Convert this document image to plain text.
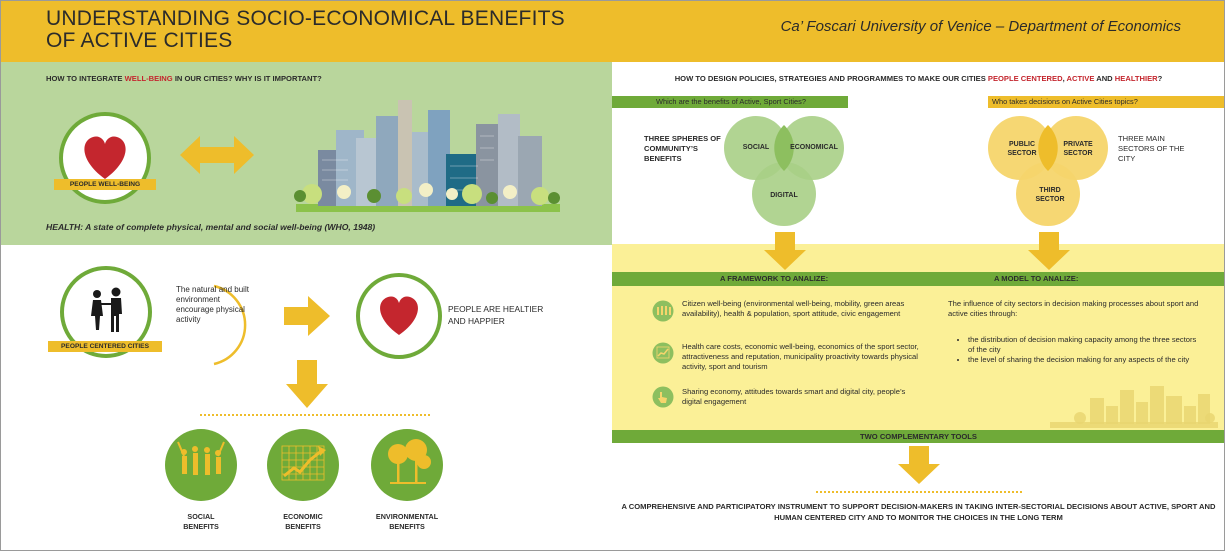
UNDERSTANDING SOCIO-ECONOMICAL BENEFITS
OF ACTIVE CITIES
Ca’ Foscari University of Venice – Department of Economics
HOW TO INTEGRATE WELL-BEING IN OUR CITIES? WHY IS IT IMPORTANT?
PEOPLE WELL-BEING
HEALTH: A state of complete physical, mental and social well-being (WHO, 1948)
PEOPLE CENTERED CITIES
The natural and built environment encourage physical activity
PEOPLE ARE HEALTIER AND HAPPIER
SOCIAL
BENEFITS
ECONOMIC
BENEFITS
ENVIRONMENTAL
BENEFITS
HOW TO DESIGN POLICIES, STRATEGIES AND PROGRAMMES TO MAKE OUR CITIES PEOPLE CENTERED, ACTIVE AND HEALTHIER?
Which are the benefits of Active, Sport Cities?	Who takes decisions on Active Cities topics?
SOCIAL	ECONOMICAL
DIGITAL
THREE SPHERES OF COMMUNITY’S BENEFITS
PUBLIC SECTOR
PRIVATE SECTOR
THIRD SECTOR
THREE MAIN SECTORS OF THE CITY
A FRAMEWORK TO ANALIZE:	A MODEL TO ANALIZE:
Citizen well-being (environmental well-being, mobility, green areas availability), health & population, sport attitude, civic engagement
Health care costs, economic well-being, economics of the sport sector, attractiveness and reputation, municipality proactivity towards physical activity, sport and tourism
Sharing economy, attitudes towards smart and digital city, people’s digital engagement
The influence of city sectors in decision making processes about sport and active cities through:
• the distribution of decision making capacity among the three sectors of the city
• the level of sharing the decision making for any aspects of the city
TWO COMPLEMENTARY TOOLS
A COMPREHENSIVE AND PARTICIPATORY INSTRUMENT TO SUPPORT DECISION-MAKERS IN TAKING INTER-SECTORIAL DECISIONS ABOUT ACTIVE, SPORT AND HUMAN CENTERED CITY AND TO MONITOR THE CHOICES IN THE LONG TERM
